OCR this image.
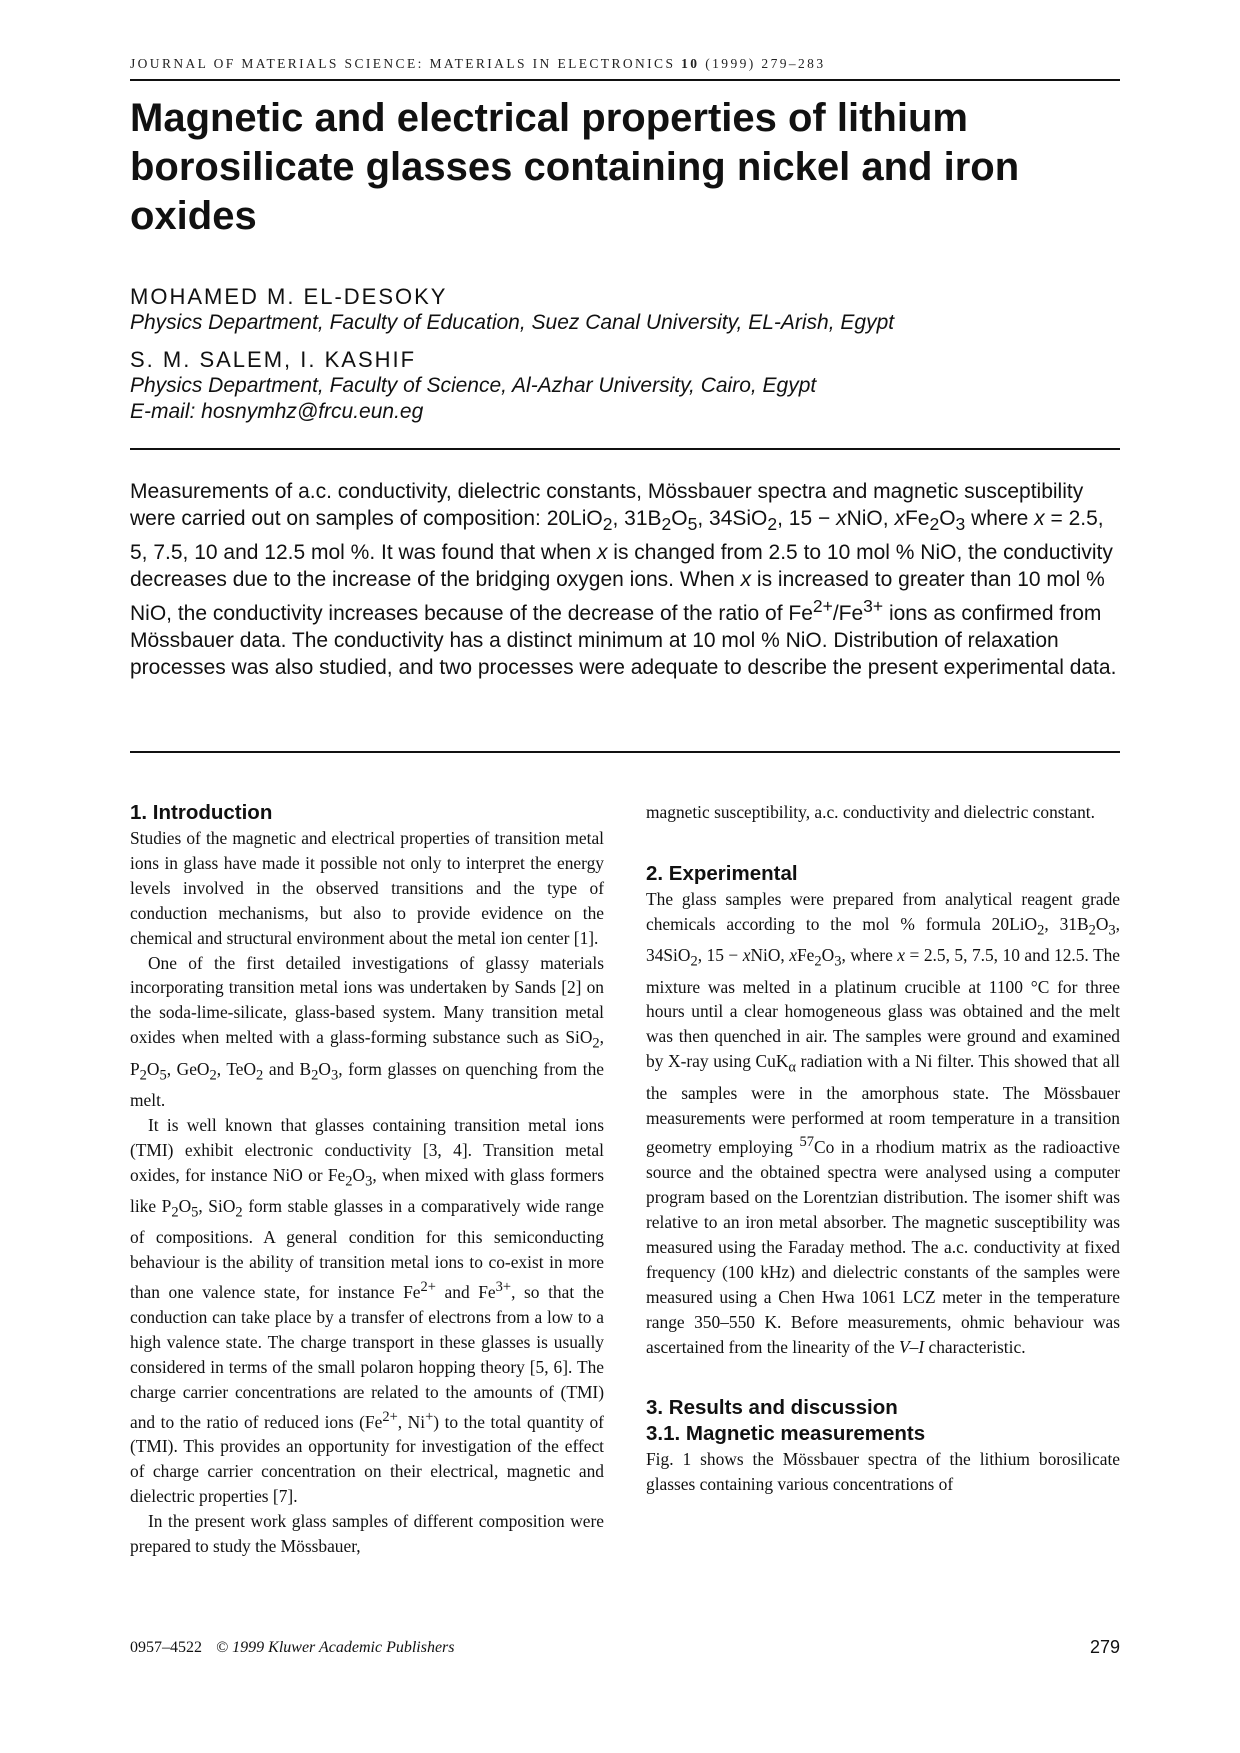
JOURNAL OF MATERIALS SCIENCE: MATERIALS IN ELECTRONICS 10 (1999) 279–283
Magnetic and electrical properties of lithium borosilicate glasses containing nickel and iron oxides
MOHAMED M. EL-DESOKY
Physics Department, Faculty of Education, Suez Canal University, EL-Arish, Egypt
S. M. SALEM, I. KASHIF
Physics Department, Faculty of Science, Al-Azhar University, Cairo, Egypt
E-mail: hosnymhz@frcu.eun.eg

Measurements of a.c. conductivity, dielectric constants, Mössbauer spectra and magnetic susceptibility were carried out on samples of composition: 20LiO$_2$, $31B_2O_5$, 34SiO$_2$, 15 − xNiO, $xFe_2O_3$ where x = 2.5, 5, 7.5, 10 and 12.5 mol %. It was found that when x is changed from 2.5 to 10 mol % NiO, the conductivity decreases due to the increase of the bridging oxygen ions. When x is increased to greater than 10 mol % NiO, the conductivity increases because of the decrease of the ratio of $Fe^{2+}/Fe^{3+}$ ions as confirmed from Mössbauer data. The conductivity has a distinct minimum at 10 mol % NiO. Distribution of relaxation processes was also studied, and two processes were adequate to describe the present experimental data.

1. Introduction

Studies of the magnetic and electrical properties of transition metal ions in glass have made it possible not only to interpret the energy levels involved in the observed transitions and the type of conduction mechanisms, but also to provide evidence on the chemical and structural environment about the metal ion center [1].

One of the first detailed investigations of glassy materials incorporating transition metal ions was undertaken by Sands [2] on the soda-lime-silicate, glass-based system. Many transition metal oxides when melted with a glass-forming substance such as SiO$_2$, $P_2O_5$, GeO$_2$, TeO$_2$ and $B_2O_3$, form glasses on quenching from the melt.

It is well known that glasses containing transition metal ions (TMI) exhibit electronic conductivity [3, 4]. Transition metal oxides, for instance NiO or $Fe_2O_3$, when mixed with glass formers like $P_2O_5$, SiO$_2$ form stable glasses in a comparatively wide range of compositions. A general condition for this semiconducting behaviour is the ability of transition metal ions to co-exist in more than one valence state, for instance $Fe^{2+}$ and $Fe^{3+}$, so that the conduction can take place by a transfer of electrons from a low to a high valence state. The charge transport in these glasses is usually considered in terms of the small polaron hopping theory [5, 6]. The charge carrier concentrations are related to the amounts of (TMI) and to the ratio of reduced ions ($Fe^{2+}$, Ni+) to the total quantity of (TMI). This provides an opportunity for investigation of the effect of charge carrier concentration on their electrical, magnetic and dielectric properties [7].

In the present work glass samples of different composition were prepared to study the Mössbauer,

magnetic susceptibility, a.c. conductivity and dielectric constant.

2. Experimental

The glass samples were prepared from analytical reagent grade chemicals according to the mol % formula 20LiO$_2$, $31B_2O_3$, 34SiO$_2$, 15 − xNiO, $xFe_2O_3$, where x = 2.5, 5, 7.5, 10 and 12.5. The mixture was melted in a platinum crucible at 1100 °C for three hours until a clear homogeneous glass was obtained and the melt was then quenched in air. The samples were ground and examined by X-ray using CuK$_\alpha$ radiation with a Ni filter. This showed that all the samples were in the amorphous state. The Mössbauer measurements were performed at room temperature in a transition geometry employing $^{57}$Co in a rhodium matrix as the radioactive source and the obtained spectra were analysed using a computer program based on the Lorentzian distribution. The isomer shift was relative to an iron metal absorber. The magnetic susceptibility was measured using the Faraday method. The a.c. conductivity at fixed frequency (100 kHz) and dielectric constants of the samples were measured using a Chen Hwa 1061 LCZ meter in the temperature range 350–550 K. Before measurements, ohmic behaviour was ascertained from the linearity of the V–I characteristic.

3. Results and discussion
3.1. Magnetic measurements

Fig. 1 shows the Mössbauer spectra of the lithium borosilicate glasses containing various concentrations of

0957–4522 © 1999 Kluwer Academic Publishers	279
